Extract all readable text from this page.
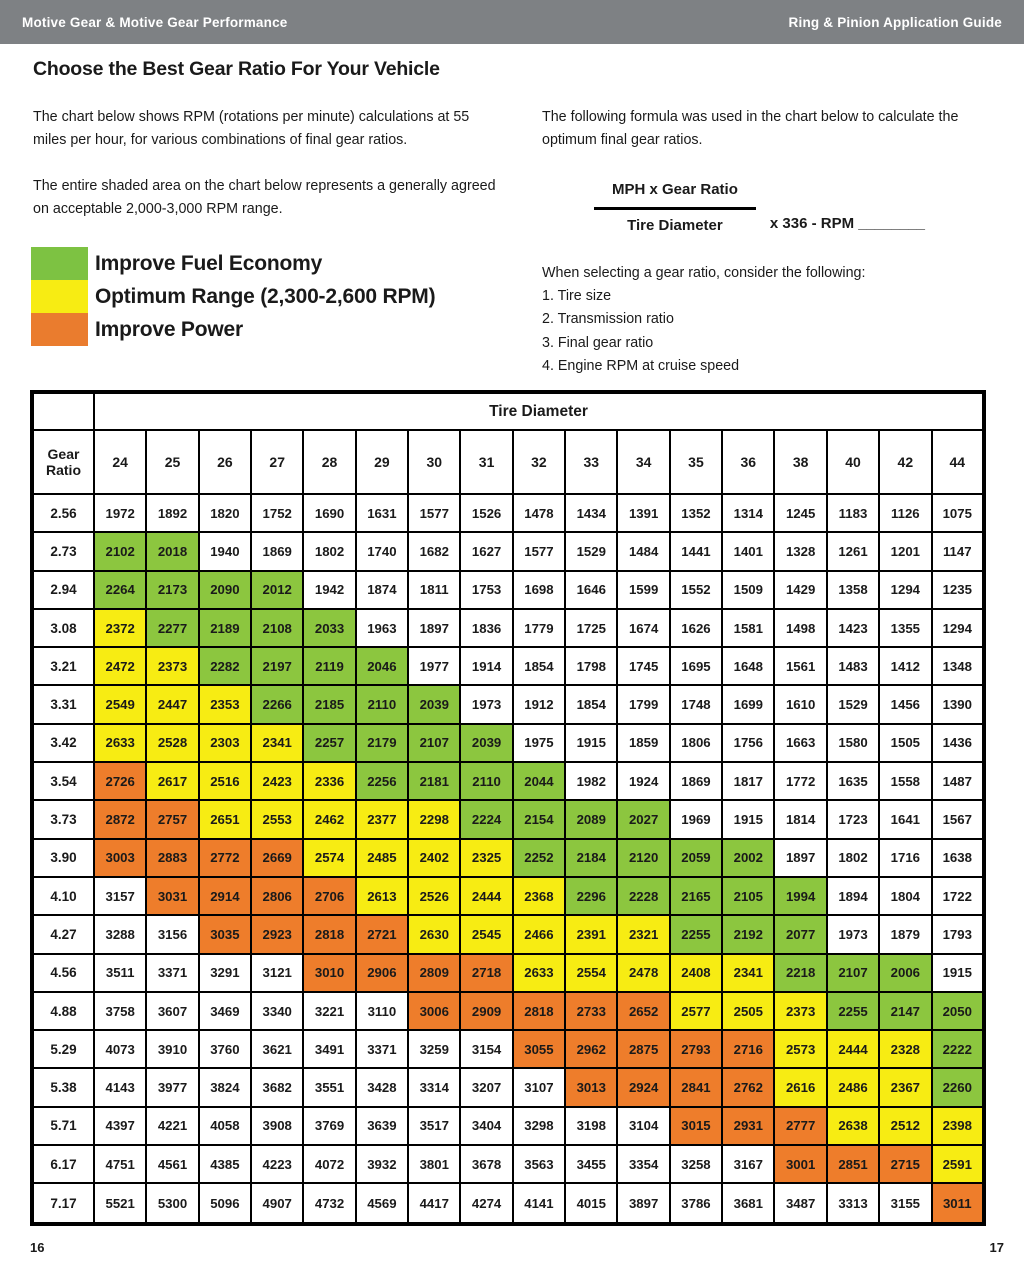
Motive Gear & Motive Gear Performance	Ring & Pinion Application Guide
Choose the Best Gear Ratio For Your Vehicle

The chart below shows RPM (rotations per minute) calculations at 55 miles per hour, for various combinations of final gear ratios.

The entire shaded area on the chart below represents a generally agreed on acceptable 2,000-3,000 RPM range.

The following formula was used in the chart below to calculate the optimum final gear ratios.

$\frac{\text{MPH x Gear Ratio}}{\text{Tire Diameter}}$ x 336 - RPM ________
When selecting a gear ratio, consider the following:
1. Tire size
2. Transmission ratio
3. Final gear ratio
4. Engine RPM at cruise speed
Improve Fuel Economy
Optimum Range (2,300-2,600 RPM)
Improve Power
	Tire Diameter																
Gear Ratio	24	25	26	27	28	29	30	31	32	33	34	35	36	38	40	42	44
2.56	1972	1892	1820	1752	1690	1631	1577	1526	1478	1434	1391	1352	1314	1245	1183	1126	1075
2.73	2102	2018	1940	1869	1802	1740	1682	1627	1577	1529	1484	1441	1401	1328	1261	1201	1147
2.94	2264	2173	2090	2012	1942	1874	1811	1753	1698	1646	1599	1552	1509	1429	1358	1294	1235
3.08	2372	2277	2189	2108	2033	1963	1897	1836	1779	1725	1674	1626	1581	1498	1423	1355	1294
3.21	2472	2373	2282	2197	2119	2046	1977	1914	1854	1798	1745	1695	1648	1561	1483	1412	1348
3.31	2549	2447	2353	2266	2185	2110	2039	1973	1912	1854	1799	1748	1699	1610	1529	1456	1390
3.42	2633	2528	2303	2341	2257	2179	2107	2039	1975	1915	1859	1806	1756	1663	1580	1505	1436
3.54	2726	2617	2516	2423	2336	2256	2181	2110	2044	1982	1924	1869	1817	1772	1635	1558	1487
3.73	2872	2757	2651	2553	2462	2377	2298	2224	2154	2089	2027	1969	1915	1814	1723	1641	1567
3.90	3003	2883	2772	2669	2574	2485	2402	2325	2252	2184	2120	2059	2002	1897	1802	1716	1638
4.10	3157	3031	2914	2806	2706	2613	2526	2444	2368	2296	2228	2165	2105	1994	1894	1804	1722
4.27	3288	3156	3035	2923	2818	2721	2630	2545	2466	2391	2321	2255	2192	2077	1973	1879	1793
4.56	3511	3371	3291	3121	3010	2906	2809	2718	2633	2554	2478	2408	2341	2218	2107	2006	1915
4.88	3758	3607	3469	3340	3221	3110	3006	2909	2818	2733	2652	2577	2505	2373	2255	2147	2050
5.29	4073	3910	3760	3621	3491	3371	3259	3154	3055	2962	2875	2793	2716	2573	2444	2328	2222
5.38	4143	3977	3824	3682	3551	3428	3314	3207	3107	3013	2924	2841	2762	2616	2486	2367	2260
5.71	4397	4221	4058	3908	3769	3639	3517	3404	3298	3198	3104	3015	2931	2777	2638	2512	2398
6.17	4751	4561	4385	4223	4072	3932	3801	3678	3563	3455	3354	3258	3167	3001	2851	2715	2591
7.17	5521	5300	5096	4907	4732	4569	4417	4274	4141	4015	3897	3786	3681	3487	3313	3155	3011
16	17
